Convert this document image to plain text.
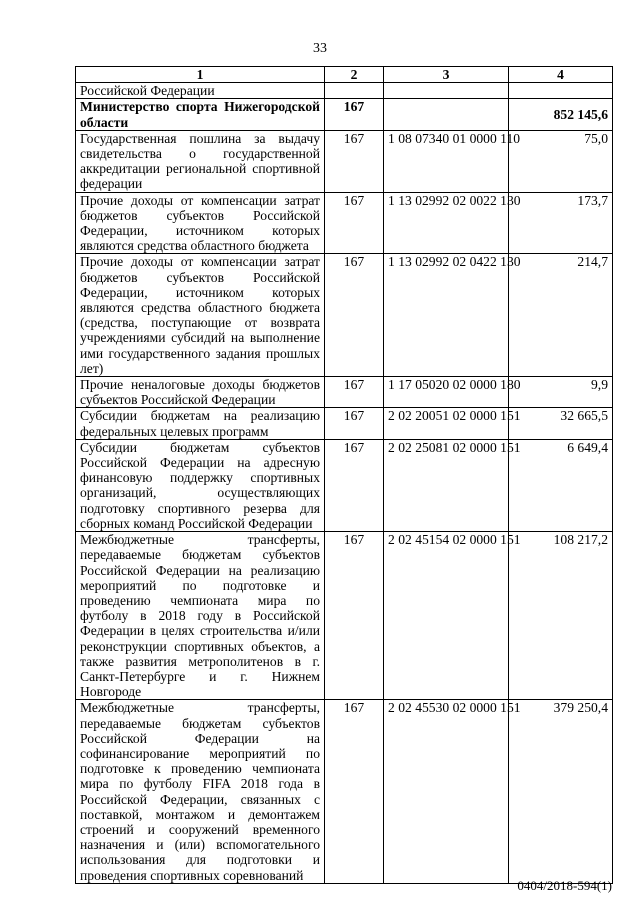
33
1	2	3	4
Российской Федерации			
Министерство спорта Нижегородской области	167		852 145,6
Государственная пошлина за выдачу свидетельства о государственной аккредитации региональной спортивной федерации	167	1 08 07340 01 0000 110	75,0
Прочие доходы от компенсации затрат бюджетов субъектов Российской Федерации, источником которых являются средства областного бюджета	167	1 13 02992 02 0022 130	173,7
Прочие доходы от компенсации затрат бюджетов субъектов Российской Федерации, источником которых являются средства областного бюджета (средства, поступающие от возврата учреждениями субсидий на выполнение ими государственного задания прошлых лет)	167	1 13 02992 02 0422 130	214,7
Прочие неналоговые доходы бюджетов субъектов Российской Федерации	167	1 17 05020 02 0000 180	9,9
Субсидии бюджетам на реализацию федеральных целевых программ	167	2 02 20051 02 0000 151	32 665,5
Субсидии бюджетам субъектов Российской Федерации на адресную финансовую поддержку спортивных организаций, осуществляющих подготовку спортивного резерва для сборных команд Российской Федерации	167	2 02 25081 02 0000 151	6 649,4
Межбюджетные трансферты, передаваемые бюджетам субъектов Российской Федерации на реализацию мероприятий по подготовке и проведению чемпионата мира по футболу в 2018 году в Российской Федерации в целях строительства и/или реконструкции спортивных объектов, а также развития метрополитенов в г. Санкт-Петербурге и г. Нижнем Новгороде	167	2 02 45154 02 0000 151	108 217,2
Межбюджетные трансферты, передаваемые бюджетам субъектов Российской Федерации на софинансирование мероприятий по подготовке к проведению чемпионата мира по футболу FIFA 2018 года в Российской Федерации, связанных с поставкой, монтажом и демонтажем строений и сооружений временного назначения и (или) вспомогательного использования для подготовки и проведения спортивных соревнований	167	2 02 45530 02 0000 151	379 250,4
0404/2018-594(1)
